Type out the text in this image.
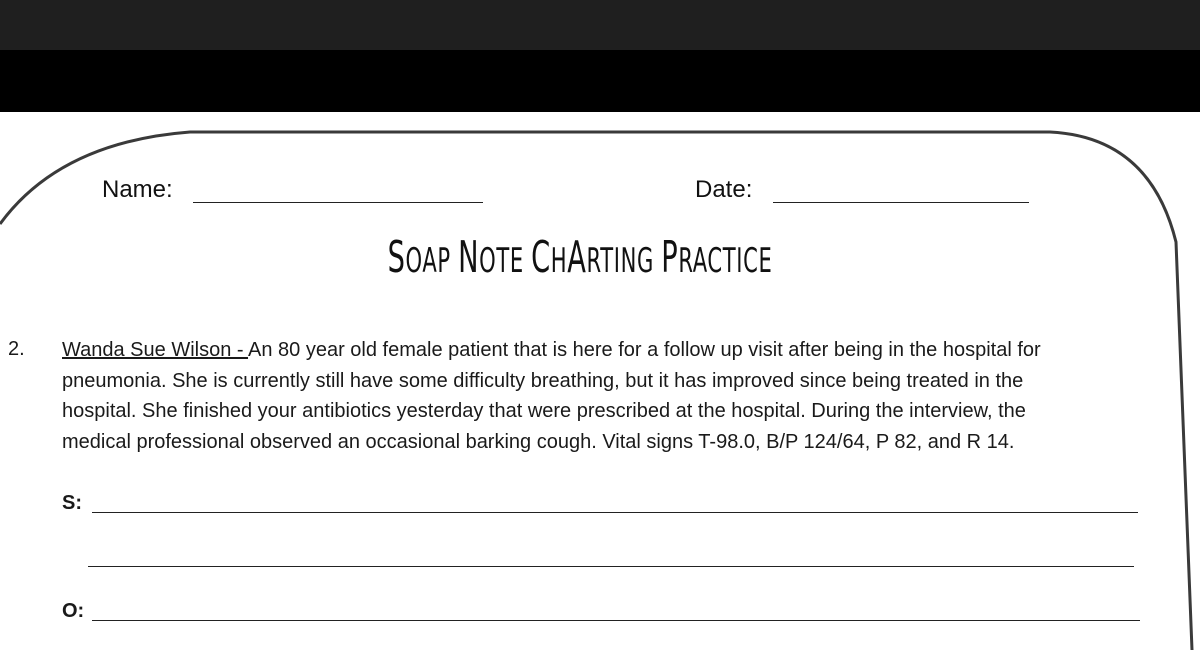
Name:	Date:
SOAP NOTE CHARTING PRACTICE
2. Wanda Sue Wilson - An 80 year old female patient that is here for a follow up visit after being in the hospital for
pneumonia. She is currently still have some difficulty breathing, but it has improved since being treated in the
hospital. She finished your antibiotics yesterday that were prescribed at the hospital. During the interview, the
medical professional observed an occasional barking cough. Vital signs T-98.0, B/P 124/64, P 82, and R 14.
S:
O:
